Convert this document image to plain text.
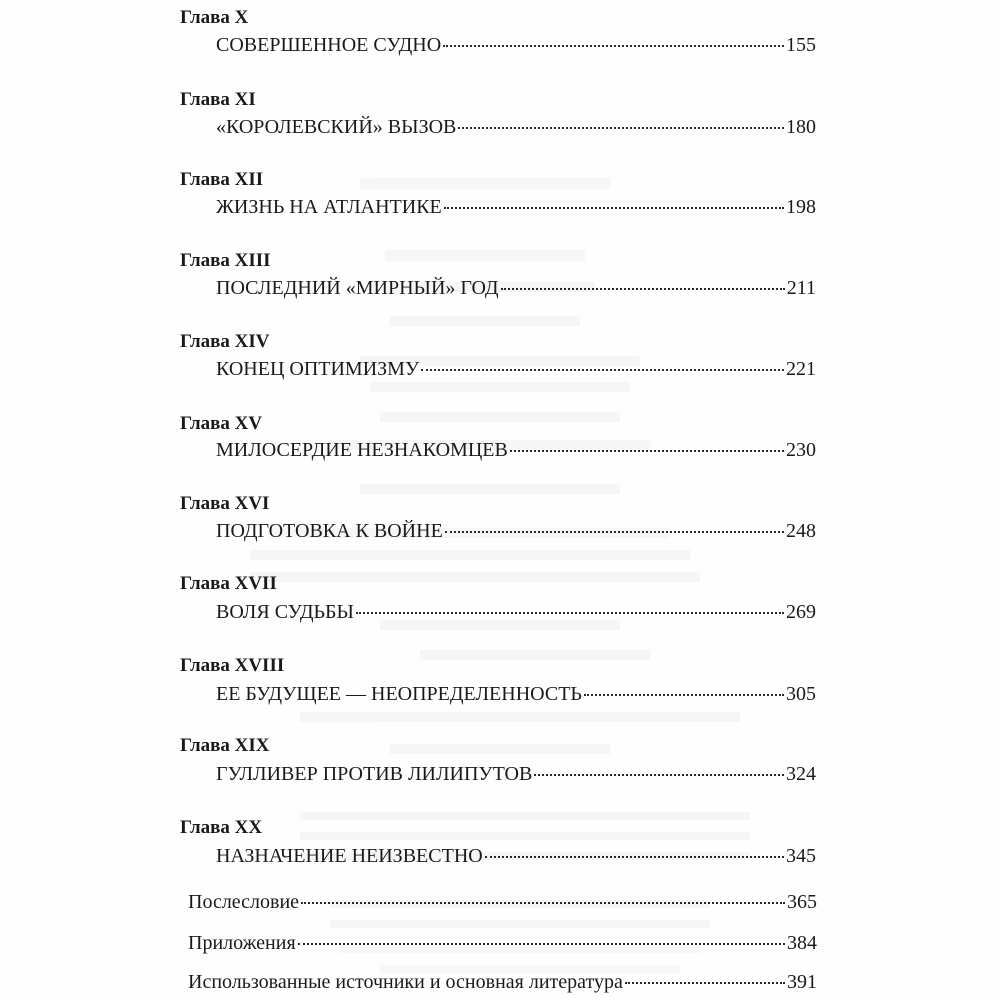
Глава X
СОВЕРШЕННОЕ СУДНО	155
Глава XI
«КОРОЛЕВСКИЙ» ВЫЗОВ	180
Глава XII
ЖИЗНЬ НА АТЛАНТИКЕ	198
Глава XIII
ПОСЛЕДНИЙ «МИРНЫЙ» ГОД	211
Глава XIV
КОНЕЦ ОПТИМИЗМУ	221
Глава XV
МИЛОСЕРДИЕ НЕЗНАКОМЦЕВ	230
Глава XVI
ПОДГОТОВКА К ВОЙНЕ	248
Глава XVII
ВОЛЯ СУДЬБЫ	269
Глава XVIII
ЕЕ БУДУЩЕЕ — НЕОПРЕДЕЛЕННОСТЬ	305
Глава XIX
ГУЛЛИВЕР ПРОТИВ ЛИЛИПУТОВ	324
Глава XX
НАЗНАЧЕНИЕ НЕИЗВЕСТНО	345
Послесловие	365
Приложения	384
Использованные источники и основная литература	391
